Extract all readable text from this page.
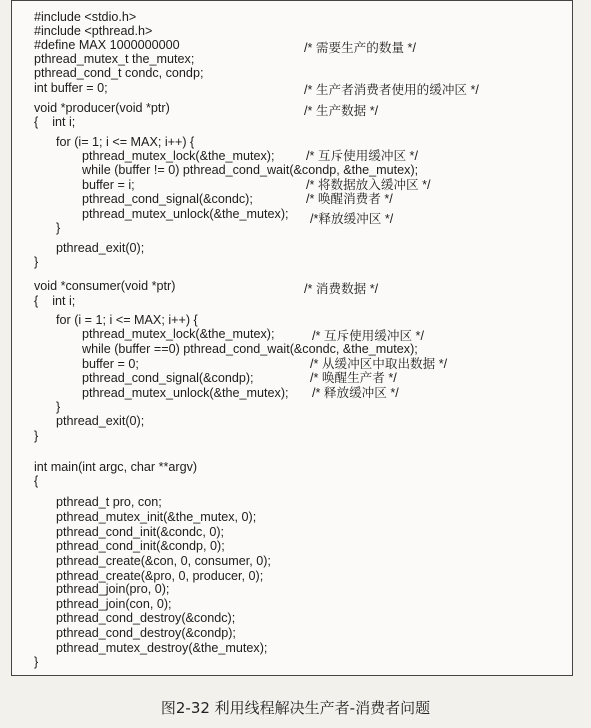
#include <stdio.h>
#include <pthread.h>
#define MAX 1000000000
pthread_mutex_t the_mutex;
pthread_cond_t condc, condp;
int buffer = 0;
void *producer(void *ptr)
{    int i;
for (i= 1; i <= MAX; i++) {
pthread_mutex_lock(&the_mutex);
while (buffer != 0) pthread_cond_wait(&condp, &the_mutex);
buffer = i;
pthread_cond_signal(&condc);
pthread_mutex_unlock(&the_mutex);
}
pthread_exit(0);
}
void *consumer(void *ptr)
{    int i;
for (i = 1; i <= MAX; i++) {
pthread_mutex_lock(&the_mutex);
while (buffer ==0) pthread_cond_wait(&condc, &the_mutex);
buffer = 0;
pthread_cond_signal(&condp);
pthread_mutex_unlock(&the_mutex);
}
pthread_exit(0);
}
int main(int argc, char **argv)
{
pthread_t pro, con;
pthread_mutex_init(&the_mutex, 0);
pthread_cond_init(&condc, 0);
pthread_cond_init(&condp, 0);
pthread_create(&con, 0, consumer, 0);
pthread_create(&pro, 0, producer, 0);
pthread_join(pro, 0);
pthread_join(con, 0);
pthread_cond_destroy(&condc);
pthread_cond_destroy(&condp);
pthread_mutex_destroy(&the_mutex);
}
/* 需要生产的数量 */
/* 生产者消费者使用的缓冲区 */
/* 生产数据 */
/* 互斥使用缓冲区 */
/* 将数据放入缓冲区 */
/* 唤醒消费者 */
/*释放缓冲区 */
/* 消费数据 */
/* 互斥使用缓冲区 */
/* 从缓冲区中取出数据 */
/* 唤醒生产者 */
/* 释放缓冲区 */
图2-32 利用线程解决生产者-消费者问题
